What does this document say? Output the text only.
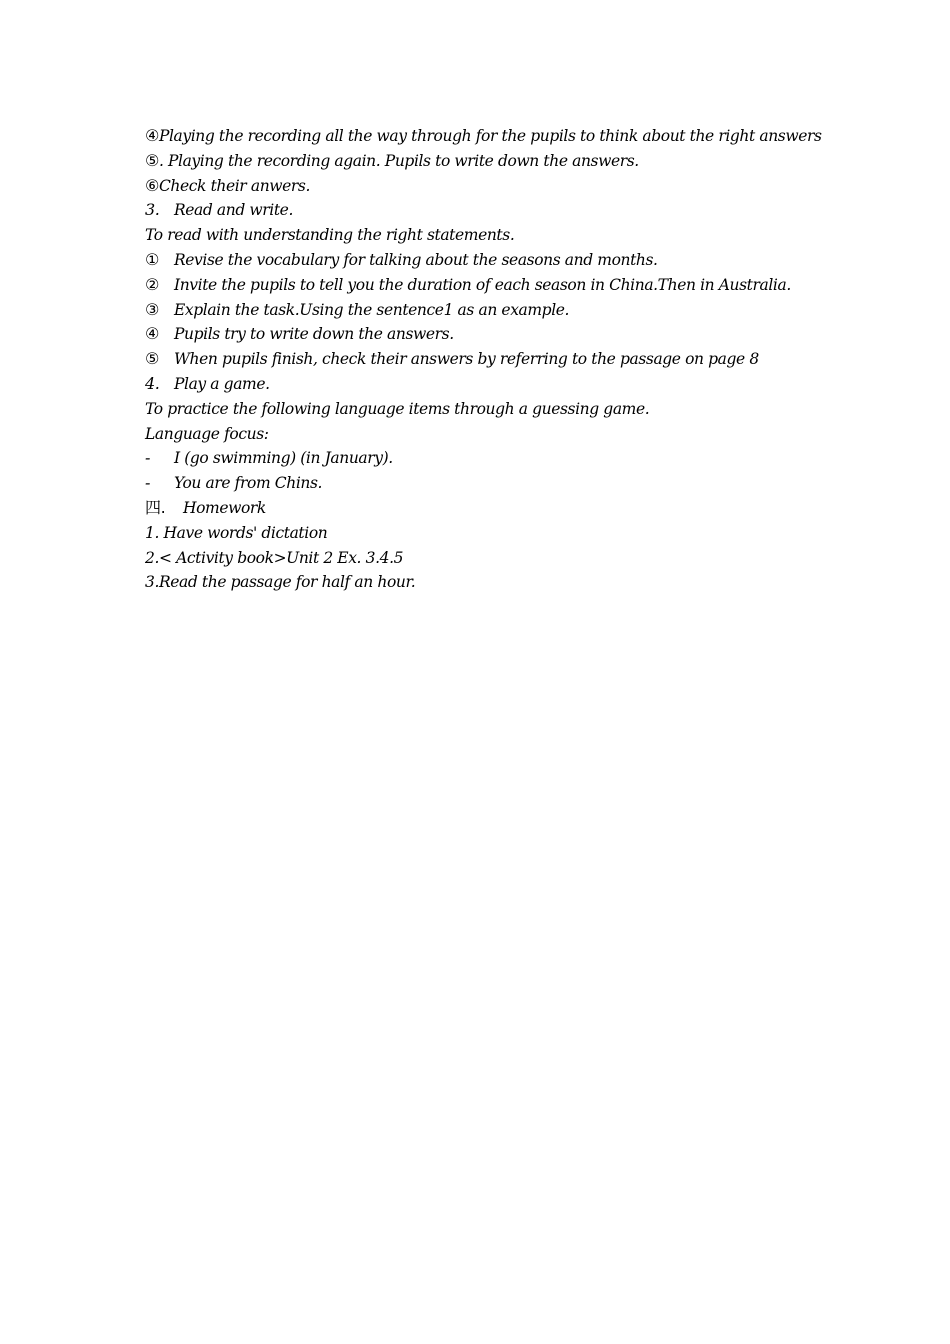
④Playing the recording all the way through for the pupils to think about the right answers
⑤. Playing the recording again. Pupils to write down the answers.
⑥Check their anwers.
3. Read and write.
To read with understanding the right statements.
① Revise the vocabulary for talking about the seasons and months.
② Invite the pupils to tell you the duration of each season in China.Then in Australia.
③ Explain the task.Using the sentence1 as an example.
④ Pupils try to write down the answers.
⑤ When pupils finish, check their answers by referring to the passage on page 8
4. Play a game.
To practice the following language items through a guessing game.
Language focus:
- I (go swimming) (in January).
- You are from Chins.
四. Homework
1. Have words' dictation
2.< Activity book>Unit 2 Ex. 3.4.5
3.Read the passage for half an hour.
